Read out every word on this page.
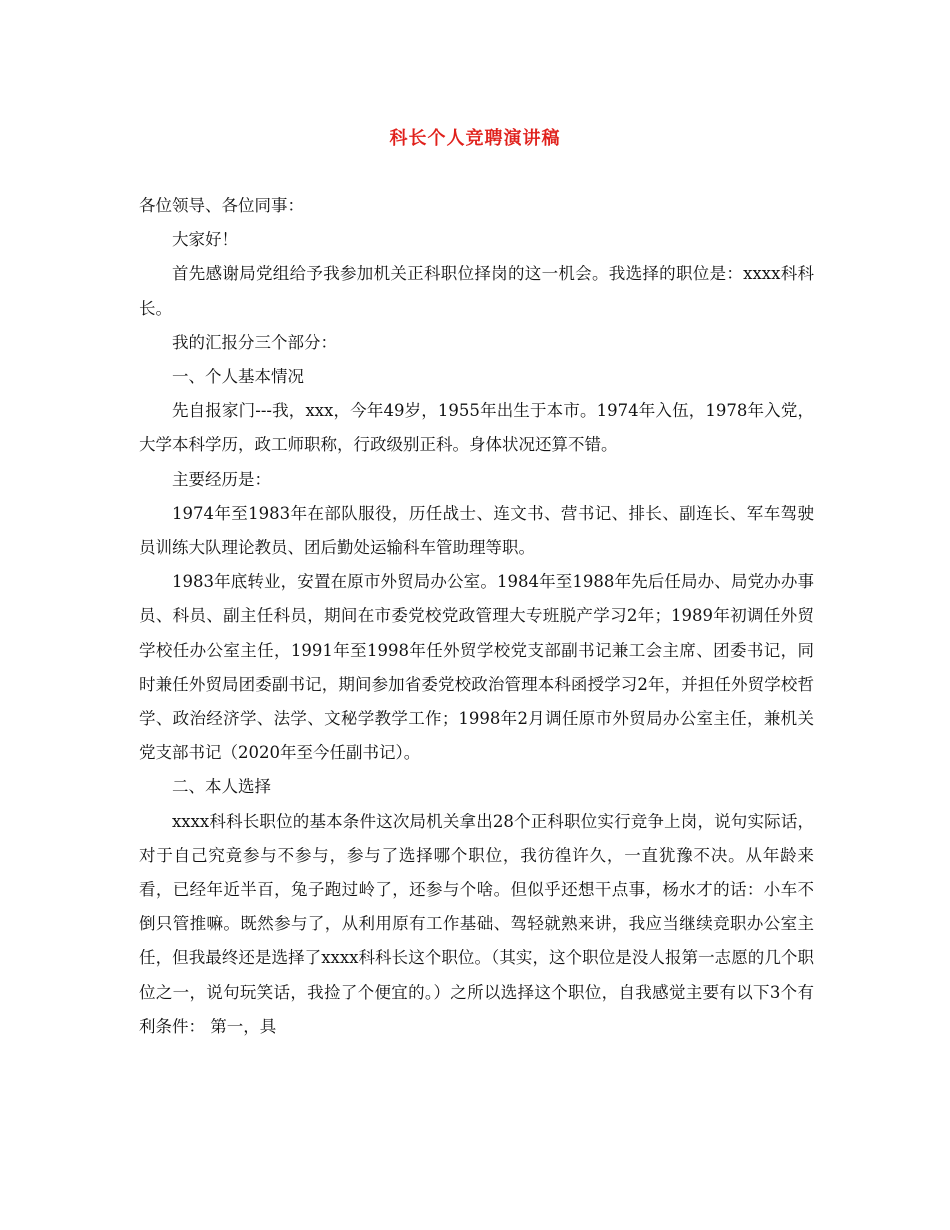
科长个人竞聘演讲稿

各位领导、各位同事：

大家好！

首先感谢局党组给予我参加机关正科职位择岗的这一机会。我选择的职位是：xxxx科科长。

我的汇报分三个部分：

一、个人基本情况

先自报家门---我，xxx，今年49岁，1955年出生于本市。1974年入伍，1978年入党，大学本科学历，政工师职称，行政级别正科。身体状况还算不错。

主要经历是：

1974年至1983年在部队服役，历任战士、连文书、营书记、排长、副连长、军车驾驶员训练大队理论教员、团后勤处运输科车管助理等职。

1983年底转业，安置在原市外贸局办公室。1984年至1988年先后任局办、局党办办事员、科员、副主任科员，期间在市委党校党政管理大专班脱产学习2年；1989年初调任外贸学校任办公室主任，1991年至1998年任外贸学校党支部副书记兼工会主席、团委书记，同时兼任外贸局团委副书记，期间参加省委党校政治管理本科函授学习2年，并担任外贸学校哲学、政治经济学、法学、文秘学教学工作；1998年2月调任原市外贸局办公室主任，兼机关党支部书记（2020年至今任副书记）。

二、本人选择

xxxx科科长职位的基本条件这次局机关拿出28个正科职位实行竞争上岗，说句实际话，对于自己究竟参与不参与，参与了选择哪个职位，我彷徨许久，一直犹豫不决。从年龄来看，已经年近半百，兔子跑过岭了，还参与个啥。但似乎还想干点事，杨水才的话：小车不倒只管推嘛。既然参与了，从利用原有工作基础、驾轻就熟来讲，我应当继续竞职办公室主任，但我最终还是选择了xxxx科科长这个职位。（其实，这个职位是没人报第一志愿的几个职位之一，说句玩笑话，我捡了个便宜的。）之所以选择这个职位，自我感觉主要有以下3个有利条件： 第一，具
